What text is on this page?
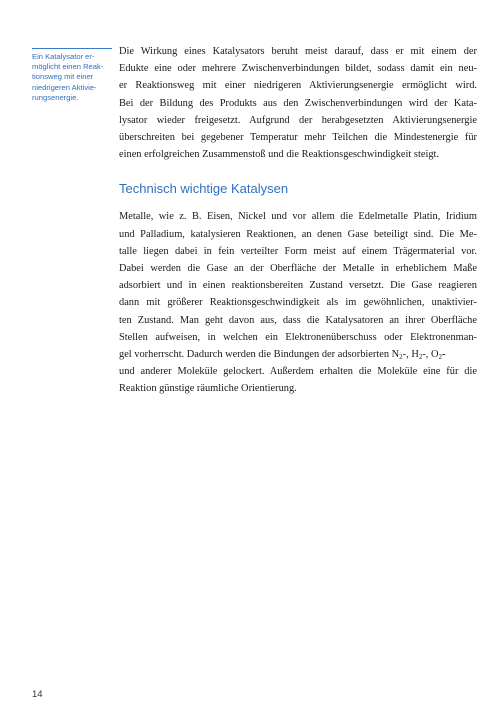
Ein Katalysator er-
möglicht einen Reak-
tionsweg mit einer
niedrigeren Aktivie-
rungsenergie.

Die Wirkung eines Katalysators beruht meist darauf, dass er mit einem der
Edukte eine oder mehrere Zwischenverbindungen bildet, sodass damit ein neu-
er Reaktionsweg mit einer niedrigeren Aktivierungsenergie ermöglicht wird.
Bei der Bildung des Produkts aus den Zwischenverbindungen wird der Kata-
lysator wieder freigesetzt. Aufgrund der herabgesetzten Aktivierungsenergie
überschreiten bei gegebener Temperatur mehr Teilchen die Mindestenergie für
einen erfolgreichen Zusammenstoß und die Reaktionsgeschwindigkeit steigt.

Technisch wichtige Katalysen

Metalle, wie z. B. Eisen, Nickel und vor allem die Edelmetalle Platin, Iridium
und Palladium, katalysieren Reaktionen, an denen Gase beteiligt sind. Die Me-
talle liegen dabei in fein verteilter Form meist auf einem Trägermaterial vor.
Dabei werden die Gase an der Oberfläche der Metalle in erheblichem Maße
adsorbiert und in einen reaktionsbereiten Zustand versetzt. Die Gase reagieren
dann mit größerer Reaktionsgeschwindigkeit als im gewöhnlichen, unaktivier-
ten Zustand. Man geht davon aus, dass die Katalysatoren an ihrer Oberfläche
Stellen aufweisen, in welchen ein Elektronenüberschuss oder Elektronenman-
gel vorherrscht. Dadurch werden die Bindungen der adsorbierten $N_2-$, $H_2-$, $O_2-$
und anderer Moleküle gelockert. Außerdem erhalten die Moleküle eine für die
Reaktion günstige räumliche Orientierung.

14
